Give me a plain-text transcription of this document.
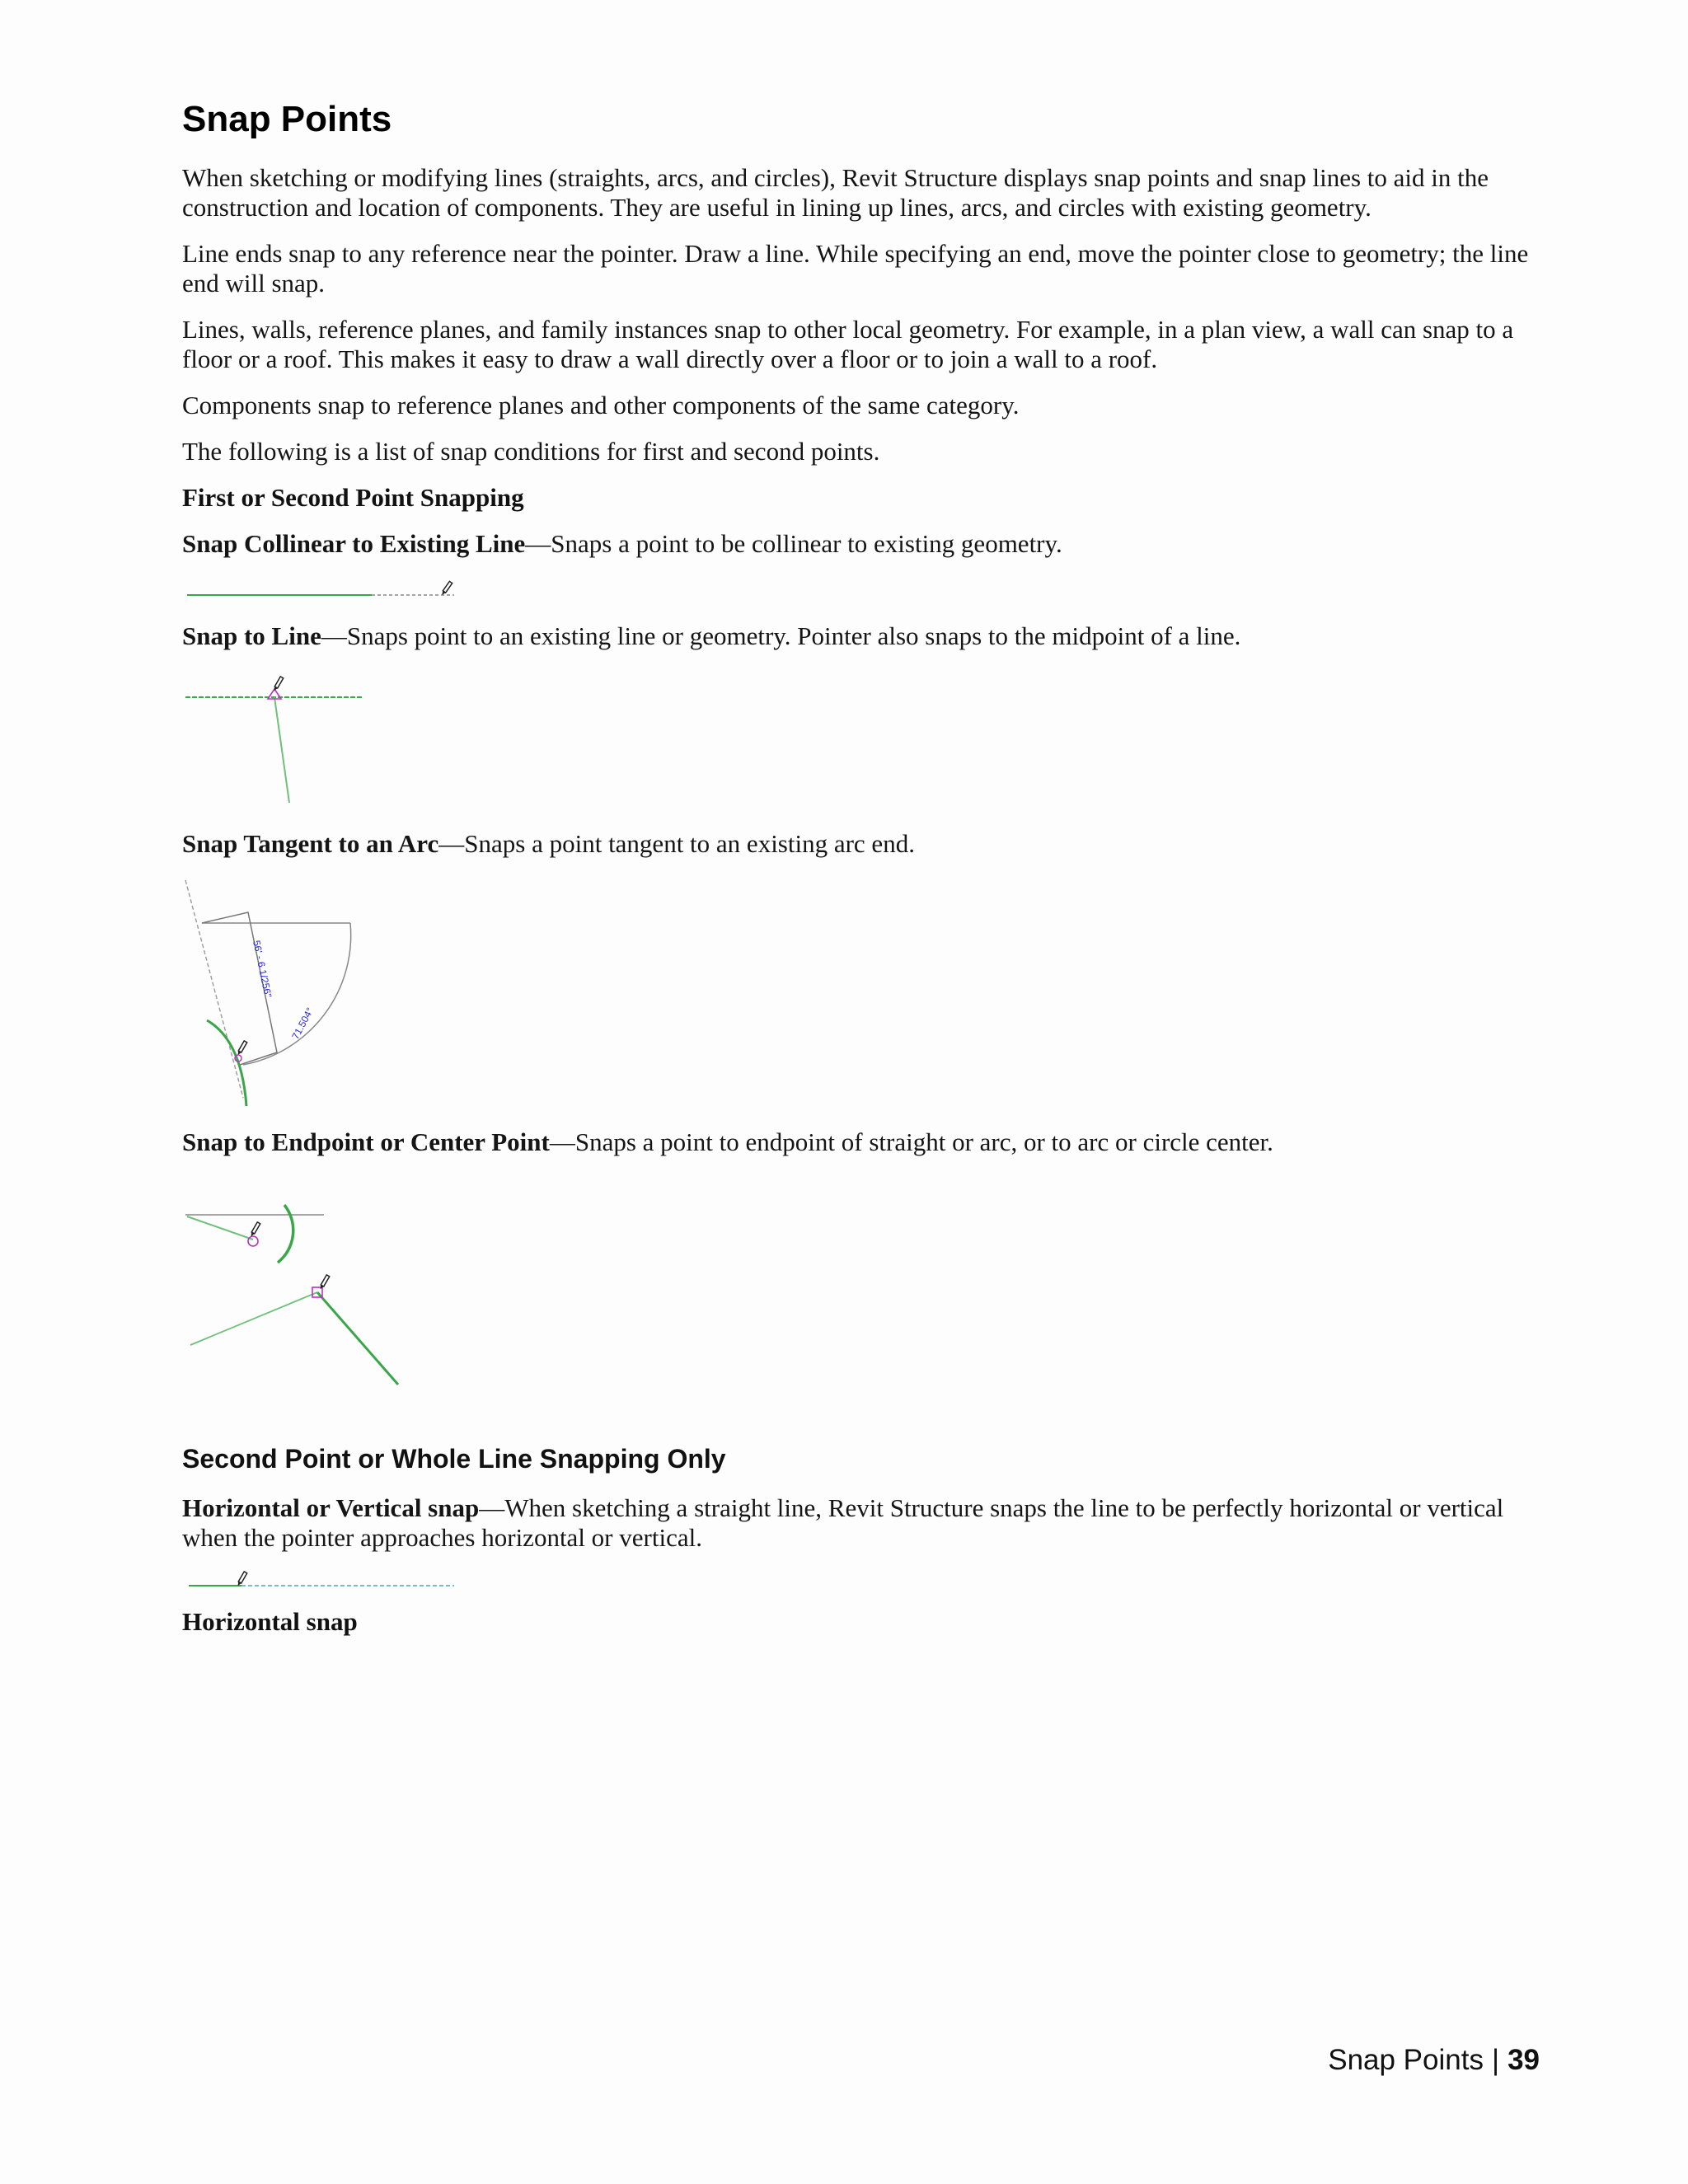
Snap Points

When sketching or modifying lines (straights, arcs, and circles), Revit Structure displays snap points and snap lines to aid in the construction and location of components. They are useful in lining up lines, arcs, and circles with existing geometry.

Line ends snap to any reference near the pointer. Draw a line. While specifying an end, move the pointer close to geometry; the line end will snap.

Lines, walls, reference planes, and family instances snap to other local geometry. For example, in a plan view, a wall can snap to a floor or a roof. This makes it easy to draw a wall directly over a floor or to join a wall to a roof.

Components snap to reference planes and other components of the same category.

The following is a list of snap conditions for first and second points.

First or Second Point Snapping

Snap Collinear to Existing Line—Snaps a point to be collinear to existing geometry.

Snap to Line—Snaps point to an existing line or geometry. Pointer also snaps to the midpoint of a line.

Snap Tangent to an Arc—Snaps a point tangent to an existing arc end.

56' - 6 1/256"
71.504°

Snap to Endpoint or Center Point—Snaps a point to endpoint of straight or arc, or to arc or circle center.

Second Point or Whole Line Snapping Only

Horizontal or Vertical snap—When sketching a straight line, Revit Structure snaps the line to be perfectly horizontal or vertical when the pointer approaches horizontal or vertical.

Horizontal snap
Snap Points | 39
